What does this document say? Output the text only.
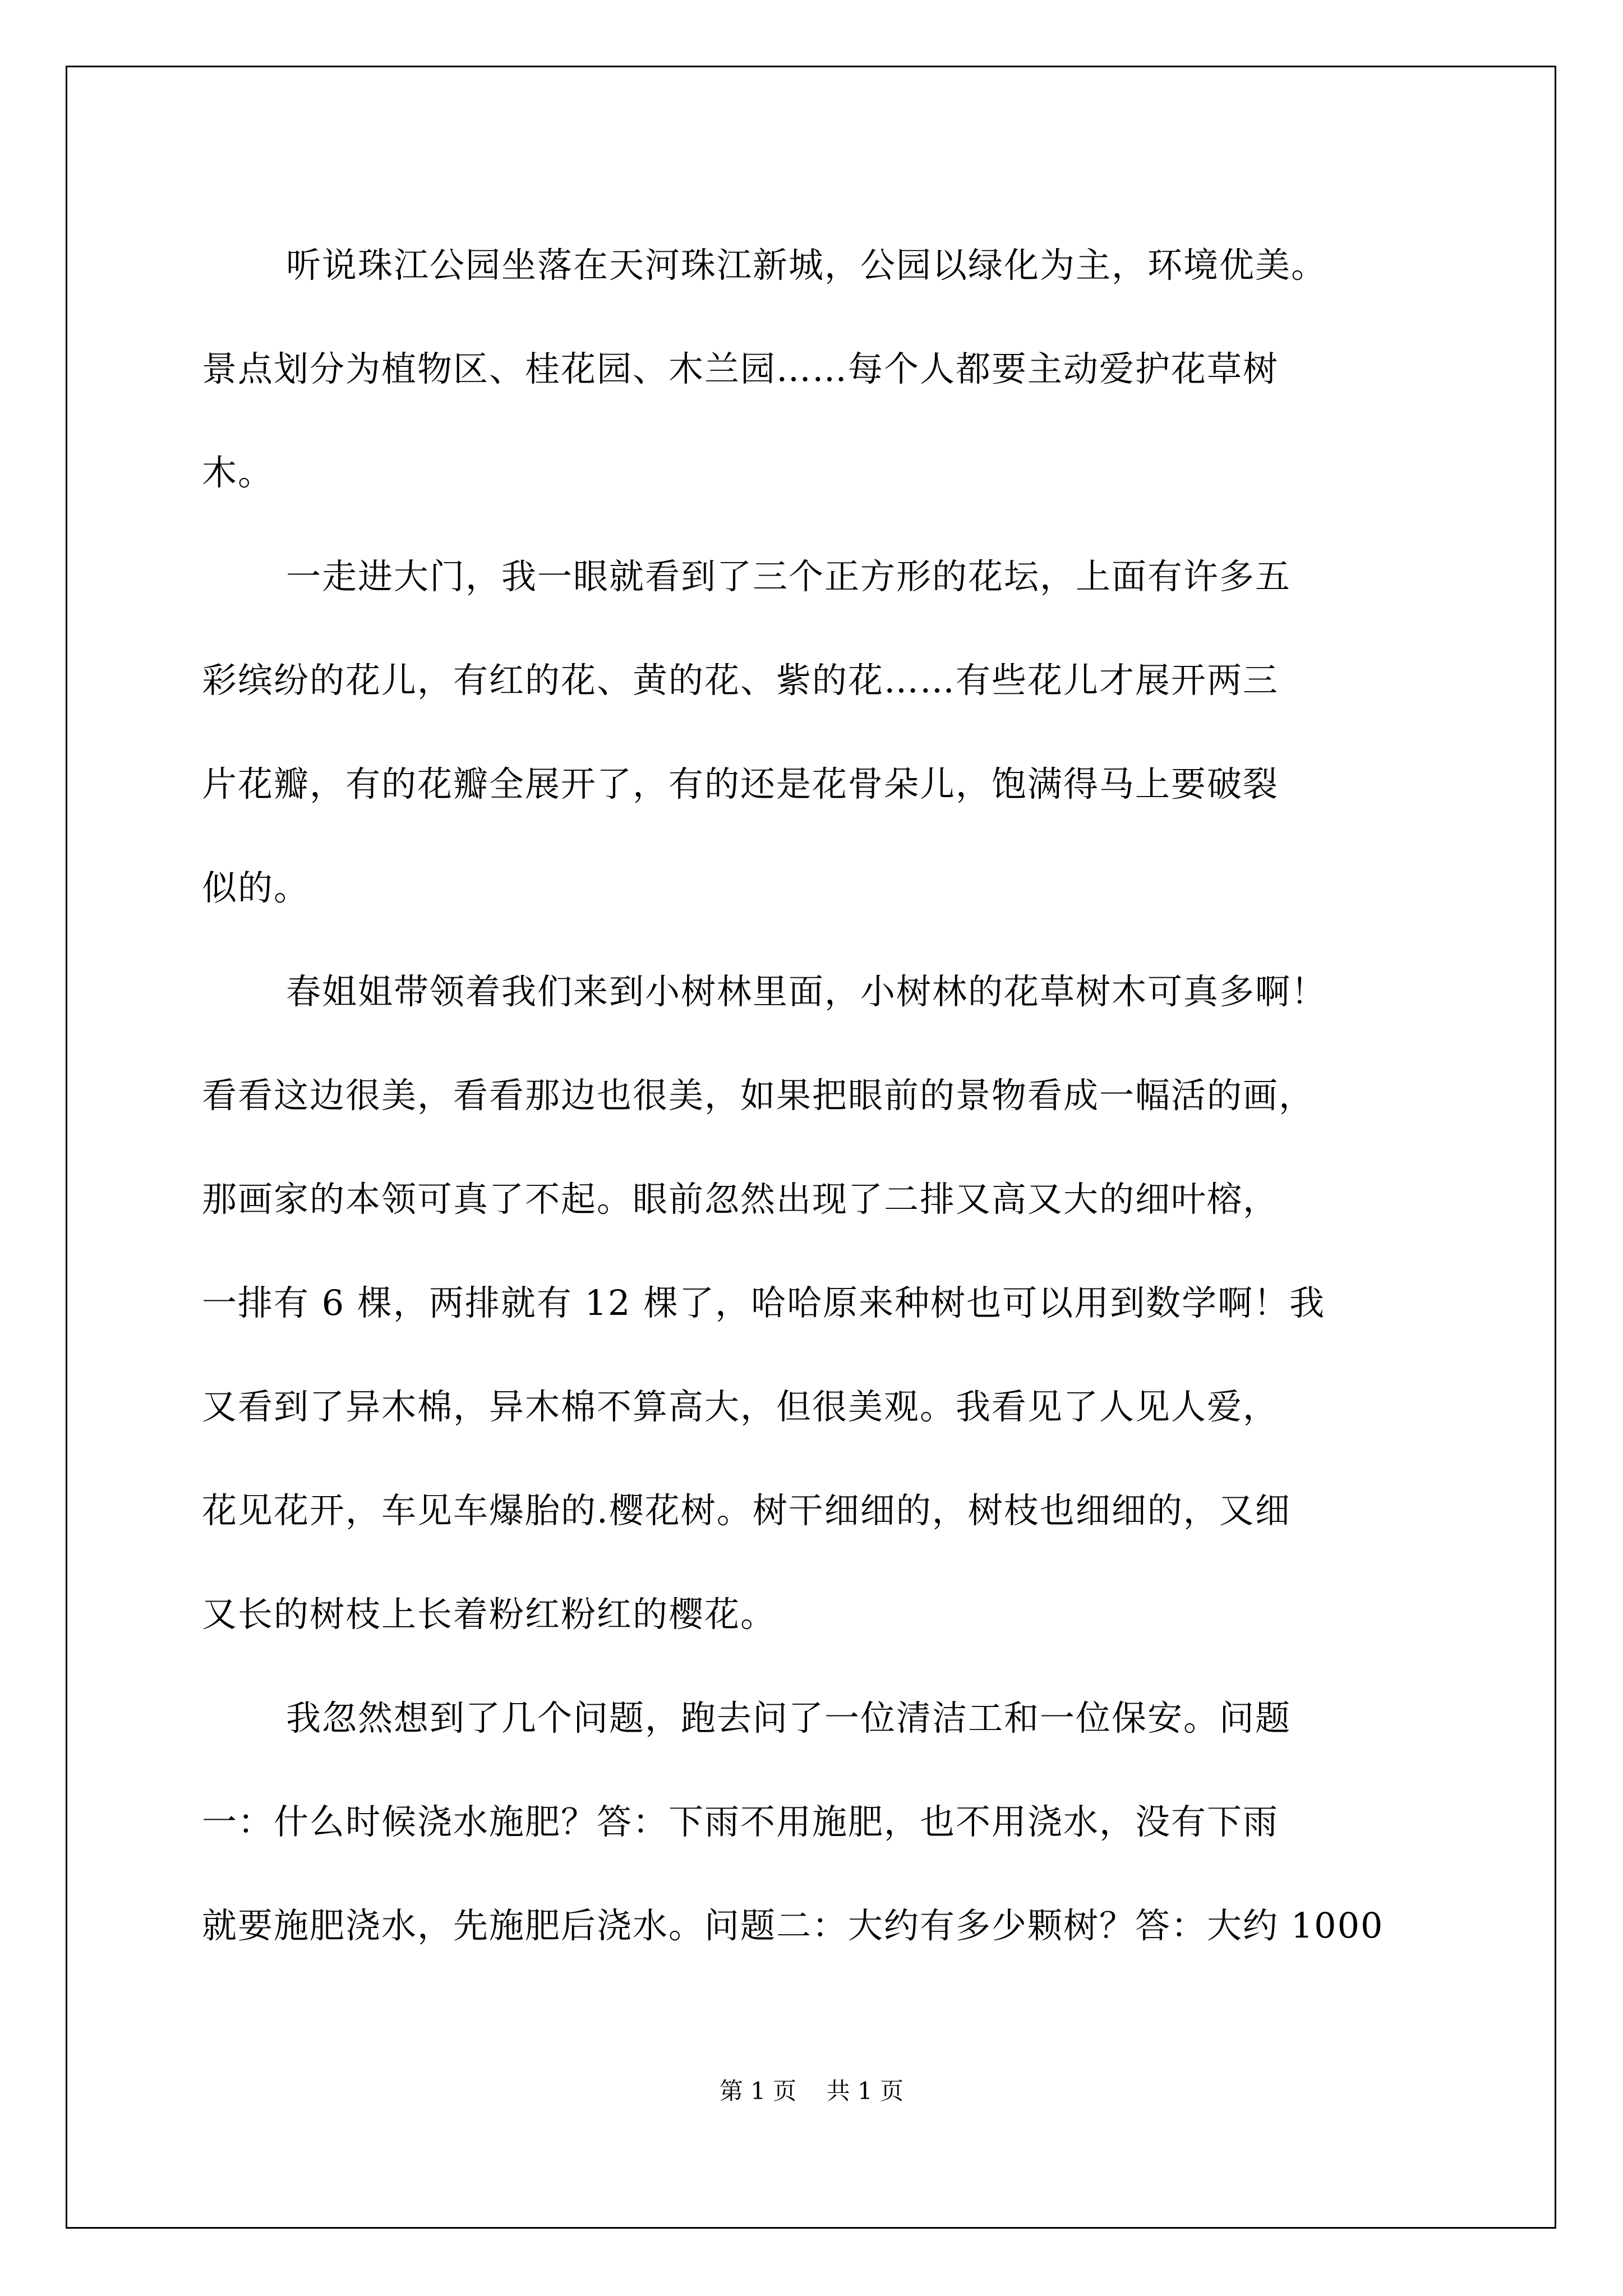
听说珠江公园坐落在天河珠江新城，公园以绿化为主，环境优美。
景点划分为植物区、桂花园、木兰园……每个人都要主动爱护花草树
木。
一走进大门，我一眼就看到了三个正方形的花坛，上面有许多五
彩缤纷的花儿，有红的花、黄的花、紫的花……有些花儿才展开两三
片花瓣，有的花瓣全展开了，有的还是花骨朵儿，饱满得马上要破裂
似的。
春姐姐带领着我们来到小树林里面，小树林的花草树木可真多啊！
看看这边很美，看看那边也很美，如果把眼前的景物看成一幅活的画，
那画家的本领可真了不起。眼前忽然出现了二排又高又大的细叶榕，
一排有 6 棵，两排就有 12 棵了，哈哈原来种树也可以用到数学啊！我
又看到了异木棉，异木棉不算高大，但很美观。我看见了人见人爱，
花见花开，车见车爆胎的.樱花树。树干细细的，树枝也细细的，又细
又长的树枝上长着粉红粉红的樱花。
我忽然想到了几个问题，跑去问了一位清洁工和一位保安。问题
一：什么时候浇水施肥？答：下雨不用施肥，也不用浇水，没有下雨
就要施肥浇水，先施肥后浇水。问题二：大约有多少颗树？答：大约 1000
第 1 页    共 1 页
